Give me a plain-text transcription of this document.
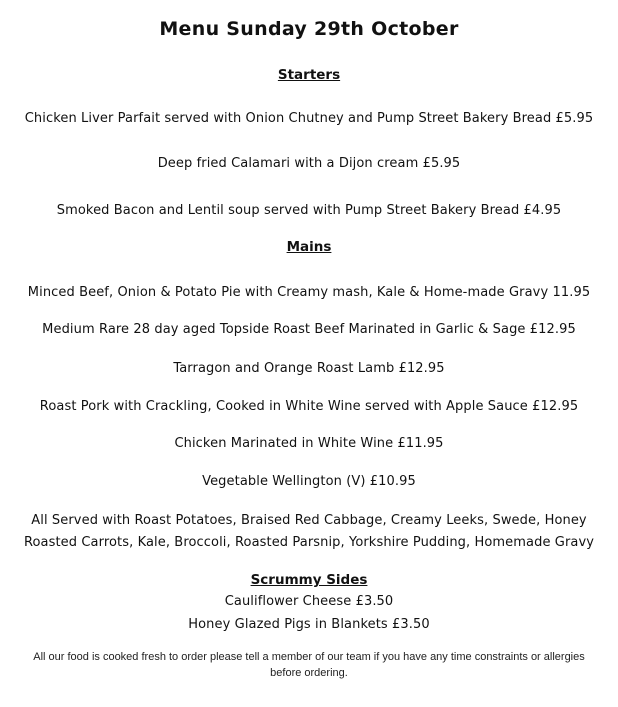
Menu Sunday 29th October
Starters
Chicken Liver Parfait served with Onion Chutney and Pump Street Bakery Bread £5.95
Deep fried Calamari with a Dijon cream £5.95
Smoked Bacon and Lentil soup served with Pump Street Bakery Bread £4.95
Mains
Minced Beef, Onion & Potato Pie with Creamy mash, Kale & Home-made Gravy 11.95
Medium Rare 28 day aged Topside Roast Beef Marinated in Garlic & Sage £12.95
Tarragon and Orange Roast Lamb £12.95
Roast Pork with Crackling, Cooked in White Wine served with Apple Sauce £12.95
Chicken Marinated in White Wine £11.95
Vegetable Wellington (V) £10.95
All Served with Roast Potatoes, Braised Red Cabbage, Creamy Leeks, Swede, Honey
Roasted Carrots, Kale, Broccoli, Roasted Parsnip, Yorkshire Pudding, Homemade Gravy
Scrummy Sides
Cauliflower Cheese £3.50
Honey Glazed Pigs in Blankets £3.50
All our food is cooked fresh to order please tell a member of our team if you have any time constraints or allergies before ordering.
